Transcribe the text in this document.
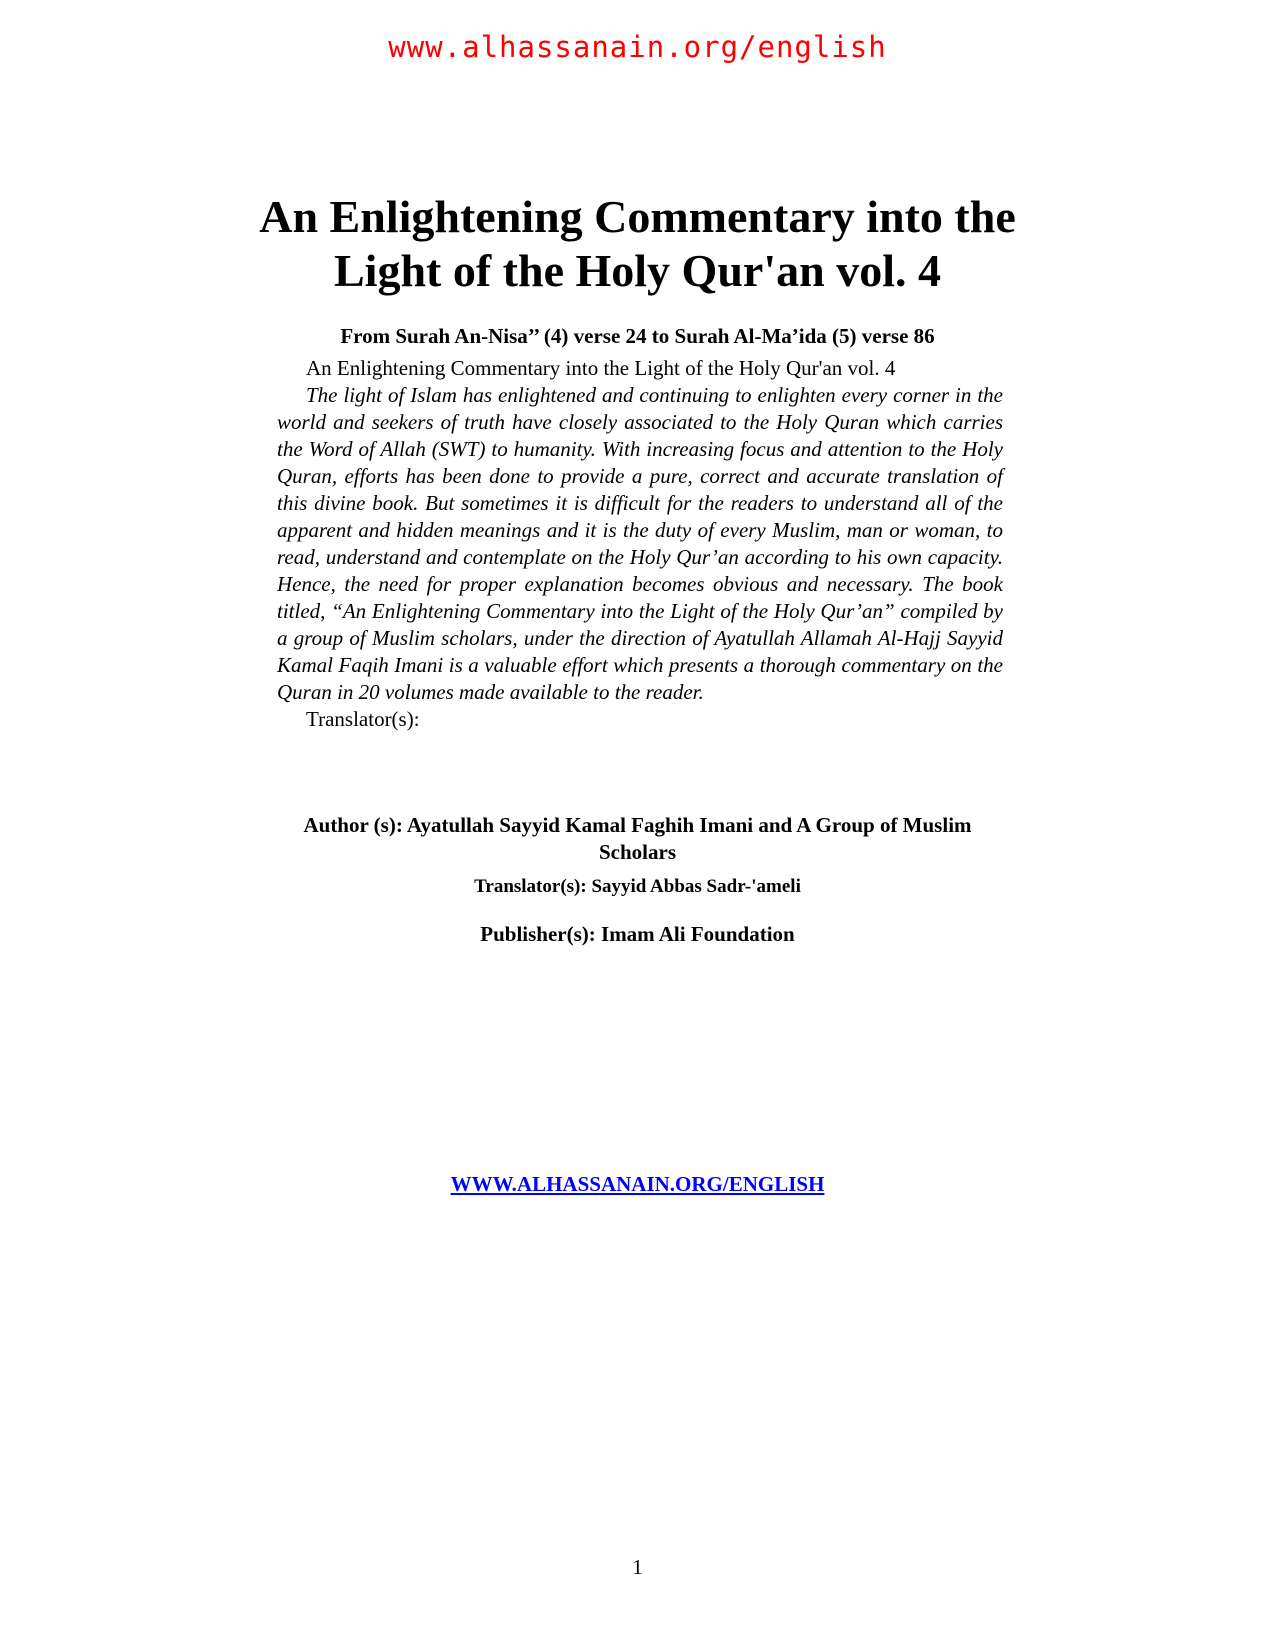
www.alhassanain.org/english
An Enlightening Commentary into the Light of the Holy Qur'an vol. 4
From Surah An-Nisa’’ (4) verse 24 to Surah Al-Ma’ida (5) verse 86

An Enlightening Commentary into the Light of the Holy Qur'an vol. 4

The light of Islam has enlightened and continuing to enlighten every corner in the world and seekers of truth have closely associated to the Holy Quran which carries the Word of Allah (SWT) to humanity. With increasing focus and attention to the Holy Quran, efforts has been done to provide a pure, correct and accurate translation of this divine book. But sometimes it is difficult for the readers to understand all of the apparent and hidden meanings and it is the duty of every Muslim, man or woman, to read, understand and contemplate on the Holy Qur’an according to his own capacity. Hence, the need for proper explanation becomes obvious and necessary. The book titled, “An Enlightening Commentary into the Light of the Holy Qur’an” compiled by a group of Muslim scholars, under the direction of Ayatullah Allamah Al-Hajj Sayyid Kamal Faqih Imani is a valuable effort which presents a thorough commentary on the Quran in 20 volumes made available to the reader.

Translator(s):

Author (s): Ayatullah Sayyid Kamal Faghih Imani and A Group of Muslim Scholars
Translator(s): Sayyid Abbas Sadr-'ameli
Publisher(s): Imam Ali Foundation
WWW.ALHASSANAIN.ORG/ENGLISH
1
